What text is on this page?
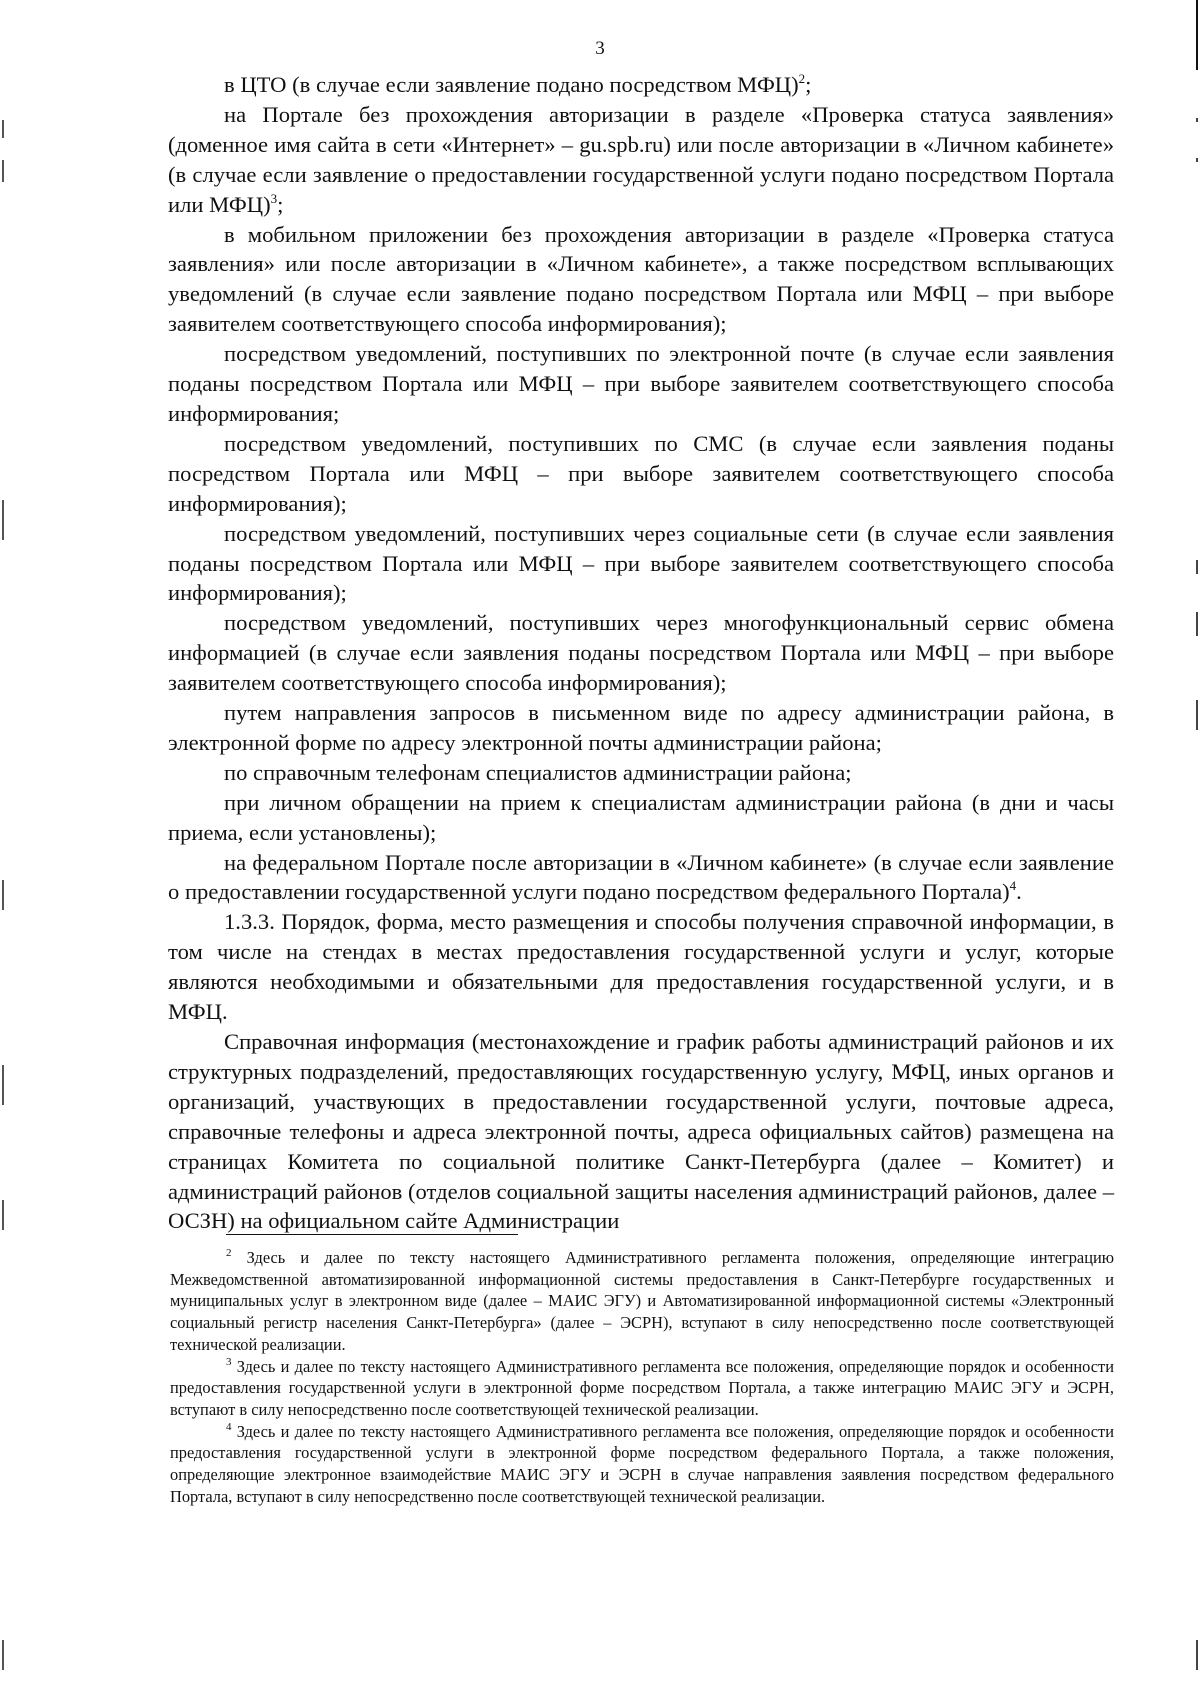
3

в ЦТО (в случае если заявление подано посредством МФЦ)$^2$;

на Портале без прохождения авторизации в разделе «Проверка статуса заявления» (доменное имя сайта в сети «Интернет» – gu.spb.ru) или после авторизации в «Личном кабинете» (в случае если заявление о предоставлении государственной услуги подано посредством Портала или МФЦ)$^3$;

в мобильном приложении без прохождения авторизации в разделе «Проверка статуса заявления» или после авторизации в «Личном кабинете», а также посредством всплывающих уведомлений (в случае если заявление подано посредством Портала или МФЦ – при выборе заявителем соответствующего способа информирования);

посредством уведомлений, поступивших по электронной почте (в случае если заявления поданы посредством Портала или МФЦ – при выборе заявителем соответствующего способа информирования;

посредством уведомлений, поступивших по СМС (в случае если заявления поданы посредством Портала или МФЦ – при выборе заявителем соответствующего способа информирования);

посредством уведомлений, поступивших через социальные сети (в случае если заявления поданы посредством Портала или МФЦ – при выборе заявителем соответствующего способа информирования);

посредством уведомлений, поступивших через многофункциональный сервис обмена информацией (в случае если заявления поданы посредством Портала или МФЦ – при выборе заявителем соответствующего способа информирования);

путем направления запросов в письменном виде по адресу администрации района, в электронной форме по адресу электронной почты администрации района;

по справочным телефонам специалистов администрации района;

при личном обращении на прием к специалистам администрации района (в дни и часы приема, если установлены);

на федеральном Портале после авторизации в «Личном кабинете» (в случае если заявление о предоставлении государственной услуги подано посредством федерального Портала)$^4$.

1.3.3. Порядок, форма, место размещения и способы получения справочной информации, в том числе на стендах в местах предоставления государственной услуги и услуг, которые являются необходимыми и обязательными для предоставления государственной услуги, и в МФЦ.

Справочная информация (местонахождение и график работы администраций районов и их структурных подразделений, предоставляющих государственную услугу, МФЦ, иных органов и организаций, участвующих в предоставлении государственной услуги, почтовые адреса, справочные телефоны и адреса электронной почты, адреса официальных сайтов) размещена на страницах Комитета по социальной политике Санкт-Петербурга (далее – Комитет) и администраций районов (отделов социальной защиты населения администраций районов, далее – ОСЗН) на официальном сайте Администрации

$^2$ Здесь и далее по тексту настоящего Административного регламента положения, определяющие интеграцию Межведомственной автоматизированной информационной системы предоставления в Санкт-Петербурге государственных и муниципальных услуг в электронном виде (далее – МАИС ЭГУ) и Автоматизированной информационной системы «Электронный социальный регистр населения Санкт-Петербурга» (далее – ЭСРН), вступают в силу непосредственно после соответствующей технической реализации.

$^3$ Здесь и далее по тексту настоящего Административного регламента все положения, определяющие порядок и особенности предоставления государственной услуги в электронной форме посредством Портала, а также интеграцию МАИС ЭГУ и ЭСРН, вступают в силу непосредственно после соответствующей технической реализации.

$^4$ Здесь и далее по тексту настоящего Административного регламента все положения, определяющие порядок и особенности предоставления государственной услуги в электронной форме посредством федерального Портала, а также положения, определяющие электронное взаимодействие МАИС ЭГУ и ЭСРН в случае направления заявления посредством федерального Портала, вступают в силу непосредственно после соответствующей технической реализации.
